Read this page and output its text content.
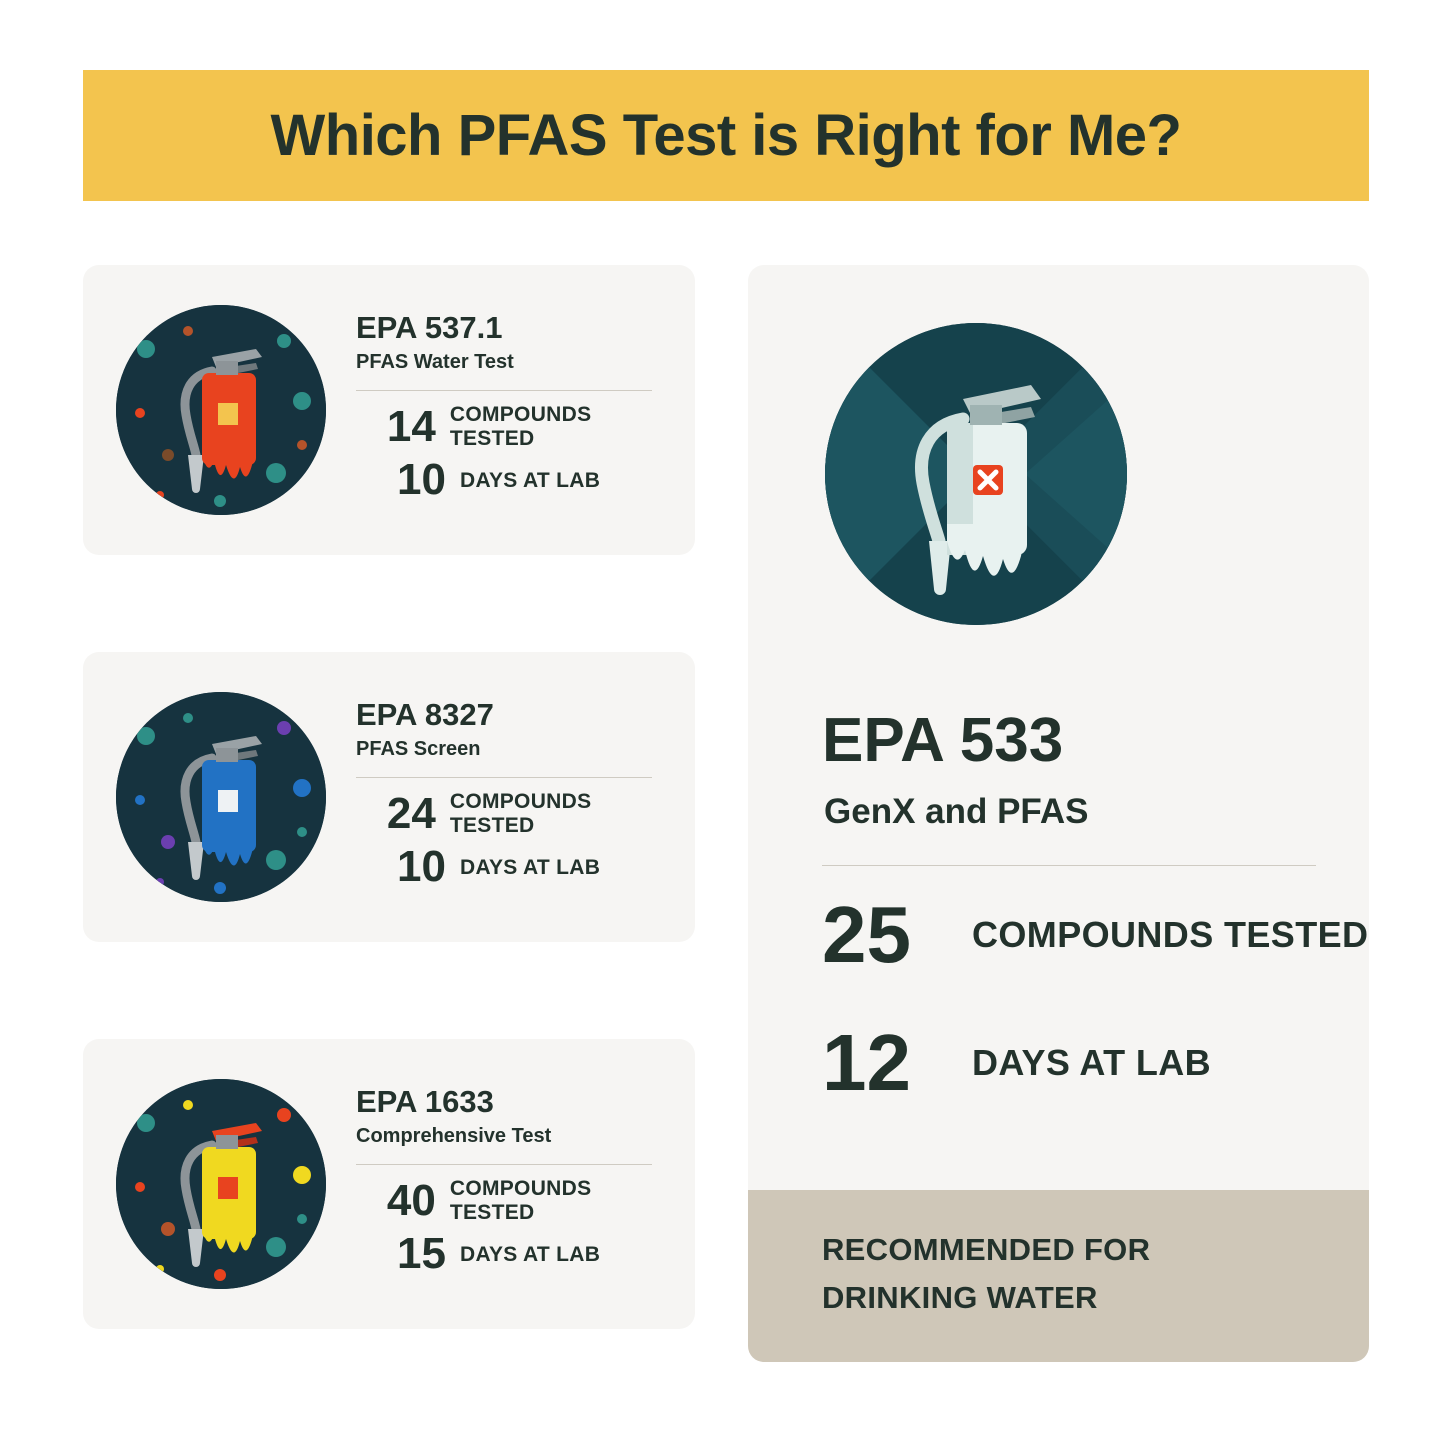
Which PFAS Test is Right for Me?
EPA 537.1
PFAS Water Test
14 COMPOUNDS TESTED
10 DAYS AT LAB
EPA 8327
PFAS Screen
24 COMPOUNDS TESTED
10 DAYS AT LAB
EPA 1633
Comprehensive Test
40 COMPOUNDS TESTED
15 DAYS AT LAB
EPA 533
GenX and PFAS
25	COMPOUNDS TESTED
12	DAYS AT LAB
RECOMMENDED FOR
DRINKING WATER
